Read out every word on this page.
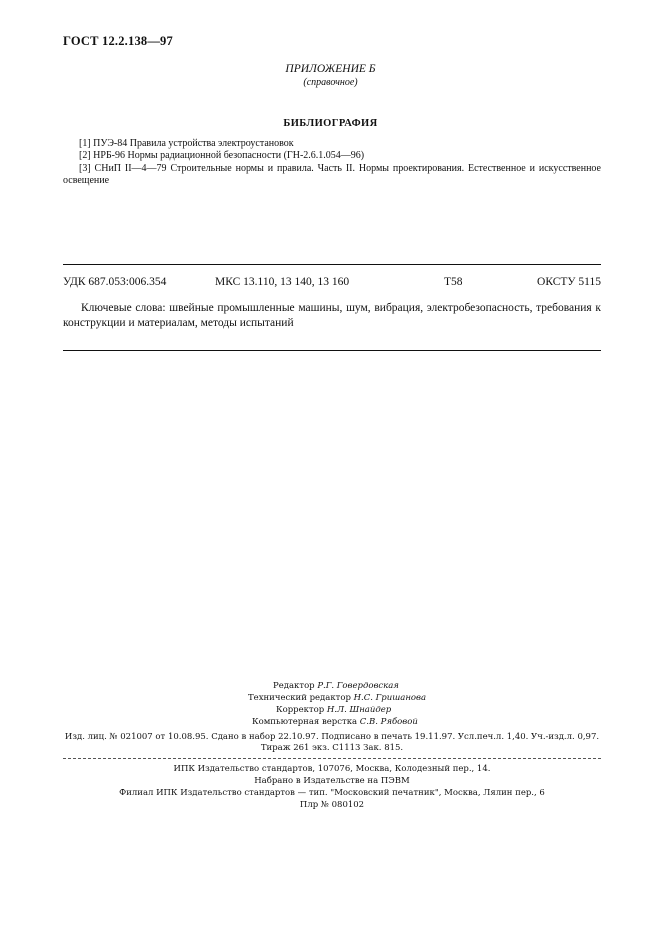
ГОСТ 12.2.138—97
ПРИЛОЖЕНИЕ Б
(справочное)
БИБЛИОГРАФИЯ
[1] ПУЭ-84 Правила устройства электроустановок
[2] НРБ-96 Нормы радиационной безопасности (ГН-2.6.1.054—96)
[3] СНиП II—4—79 Строительные нормы и правила. Часть II. Нормы проектирования. Естественное и искусственное освещение
УДК 687.053:006.354	МКС 13.110, 13 140, 13 160	Т58	ОКСТУ 5115
Ключевые слова: швейные промышленные машины, шум, вибрация, электробезопасность, требования к конструкции и материалам, методы испытаний
Редактор Р.Г. Говердовская
Технический редактор Н.С. Гришанова
Корректор Н.Л. Шнайдер
Компьютерная верстка С.В. Рябовой
Изд. лиц. № 021007 от 10.08.95. Сдано в набор 22.10.97. Подписано в печать 19.11.97. Усл.печ.л. 1,40. Уч.-изд.л. 0,97.
Тираж 261 экз. С1113 Зак. 815.
ИПК Издательство стандартов, 107076, Москва, Колодезный пер., 14.
Набрано в Издательстве на ПЭВМ
Филиал ИПК Издательство стандартов — тип. "Московский печатник", Москва, Лялин пер., 6
Плр № 080102
